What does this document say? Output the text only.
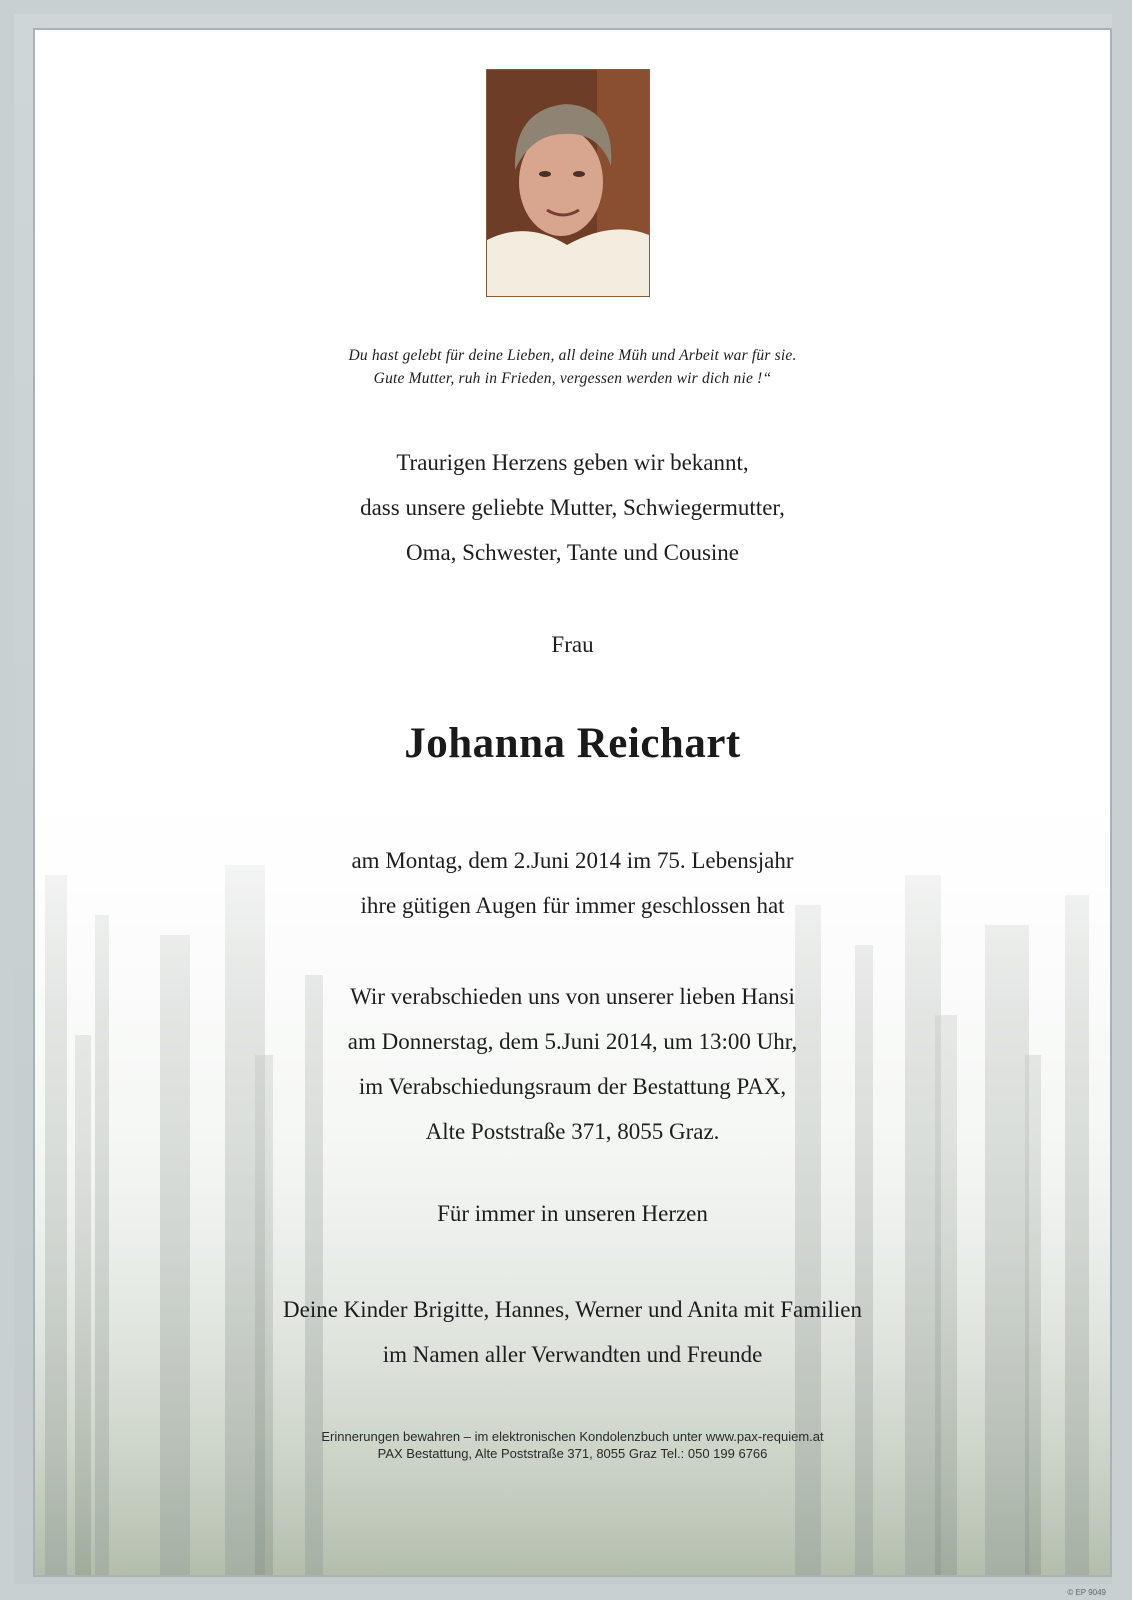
Du hast gelebt für deine Lieben, all deine Müh und Arbeit war für sie.
Gute Mutter, ruh in Frieden, vergessen werden wir dich nie !“
Traurigen Herzens geben wir bekannt,
dass unsere geliebte Mutter, Schwiegermutter,
Oma, Schwester, Tante und Cousine
Frau
Johanna Reichart
am Montag, dem 2.Juni 2014 im 75. Lebensjahr
ihre gütigen Augen für immer geschlossen hat
Wir verabschieden uns von unserer lieben Hansi
am Donnerstag, dem 5.Juni 2014, um 13:00 Uhr,
im Verabschiedungsraum der Bestattung PAX,
Alte Poststraße 371, 8055 Graz.
Für immer in unseren Herzen
Deine Kinder Brigitte, Hannes, Werner und Anita mit Familien
im Namen aller Verwandten und Freunde
Erinnerungen bewahren – im elektronischen Kondolenzbuch unter www.pax-requiem.at
PAX Bestattung, Alte Poststraße 371, 8055 Graz Tel.: 050 199 6766
© EP 9049
